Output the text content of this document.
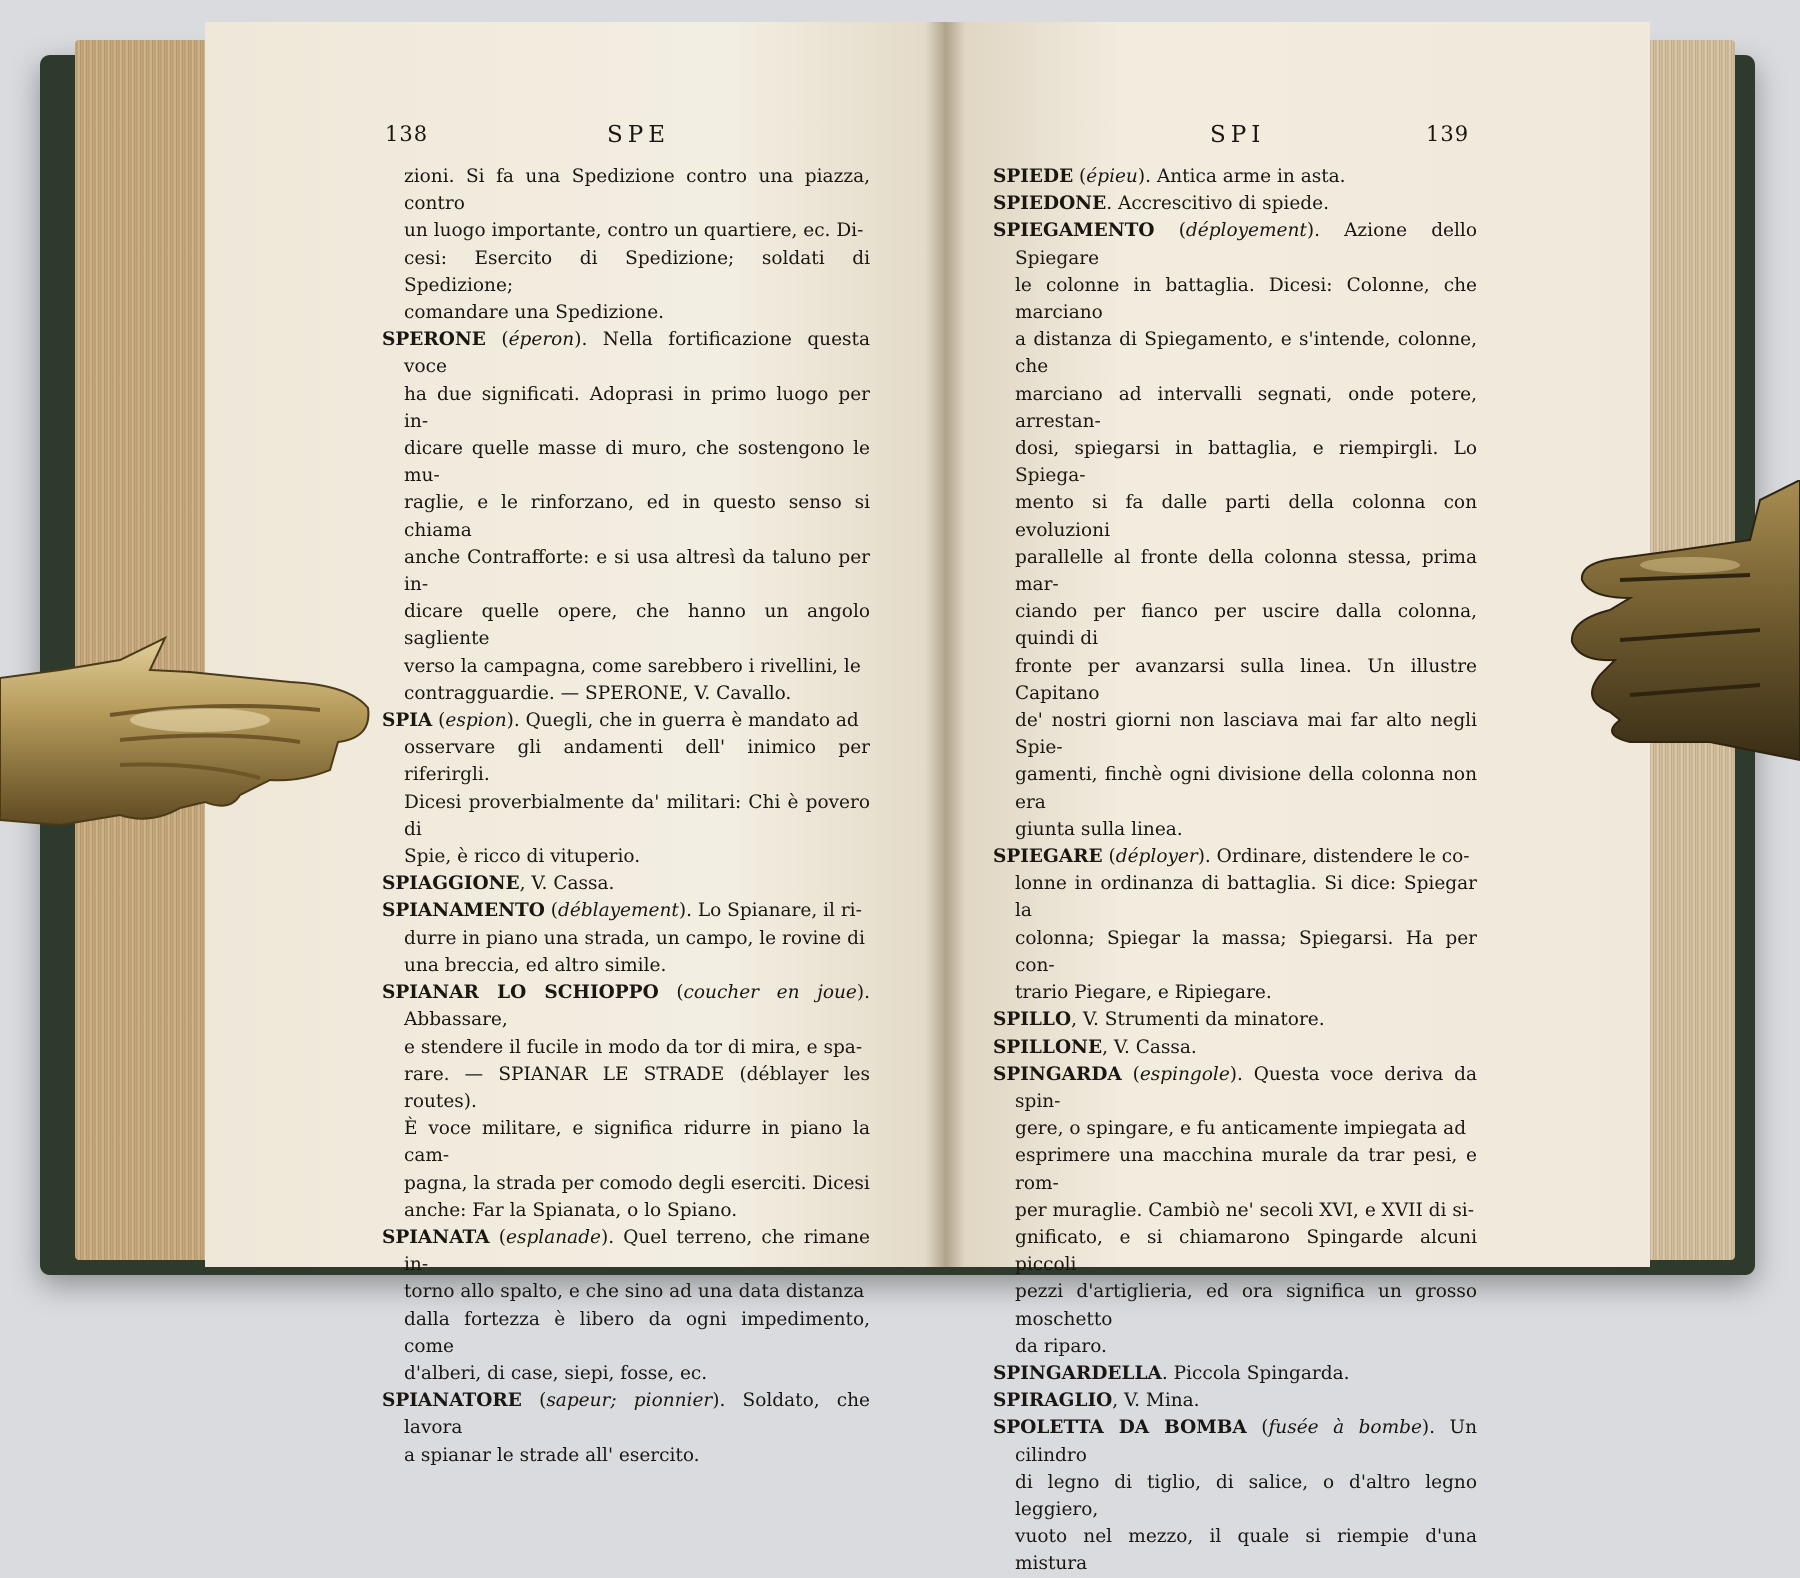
138	SPE	SPI	139

zioni. Si fa una Spedizione contro una piazza, contro

un luogo importante, contro un quartiere, ec. Di-

cesi: Esercito di Spedizione; soldati di Spedizione;

comandare una Spedizione.

SPERONE (éperon). Nella fortificazione questa voce

ha due significati. Adoprasi in primo luogo per in-

dicare quelle masse di muro, che sostengono le mu-

raglie, e le rinforzano, ed in questo senso si chiama

anche Contrafforte: e si usa altresì da taluno per in-

dicare quelle opere, che hanno un angolo sagliente

verso la campagna, come sarebbero i rivellini, le

contragguardie. — SPERONE, V. Cavallo.

SPIA (espion). Quegli, che in guerra è mandato ad

osservare gli andamenti dell' inimico per riferirgli.

Dicesi proverbialmente da' militari: Chi è povero di

Spie, è ricco di vituperio.

SPIAGGIONE, V. Cassa.

SPIANAMENTO (déblayement). Lo Spianare, il ri-

durre in piano una strada, un campo, le rovine di

una breccia, ed altro simile.

SPIANAR LO SCHIOPPO (coucher en joue). Abbassare,

e stendere il fucile in modo da tor di mira, e spa-

rare. — SPIANAR LE STRADE (déblayer les routes).

È voce militare, e significa ridurre in piano la cam-

pagna, la strada per comodo degli eserciti. Dicesi

anche: Far la Spianata, o lo Spiano.

SPIANATA (esplanade). Quel terreno, che rimane in-

torno allo spalto, e che sino ad una data distanza

dalla fortezza è libero da ogni impedimento, come

d'alberi, di case, siepi, fosse, ec.

SPIANATORE (sapeur; pionnier). Soldato, che lavora

a spianar le strade all' esercito.

SPIEDE (épieu). Antica arme in asta.

SPIEDONE. Accrescitivo di spiede.

SPIEGAMENTO (déployement). Azione dello Spiegare

le colonne in battaglia. Dicesi: Colonne, che marciano

a distanza di Spiegamento, e s'intende, colonne, che

marciano ad intervalli segnati, onde potere, arrestan-

dosi, spiegarsi in battaglia, e riempirgli. Lo Spiega-

mento si fa dalle parti della colonna con evoluzioni

parallelle al fronte della colonna stessa, prima mar-

ciando per fianco per uscire dalla colonna, quindi di

fronte per avanzarsi sulla linea. Un illustre Capitano

de' nostri giorni non lasciava mai far alto negli Spie-

gamenti, finchè ogni divisione della colonna non era

giunta sulla linea.

SPIEGARE (déployer). Ordinare, distendere le co-

lonne in ordinanza di battaglia. Si dice: Spiegar la

colonna; Spiegar la massa; Spiegarsi. Ha per con-

trario Piegare, e Ripiegare.

SPILLO, V. Strumenti da minatore.

SPILLONE, V. Cassa.

SPINGARDA (espingole). Questa voce deriva da spin-

gere, o spingare, e fu anticamente impiegata ad

esprimere una macchina murale da trar pesi, e rom-

per muraglie. Cambiò ne' secoli XVI, e XVII di si-

gnificato, e si chiamarono Spingarde alcuni piccoli

pezzi d'artiglieria, ed ora significa un grosso moschetto

da riparo.

SPINGARDELLA. Piccola Spingarda.

SPIRAGLIO, V. Mina.

SPOLETTA DA BOMBA (fusée à bombe). Un cilindro

di legno di tiglio, di salice, o d'altro legno leggiero,

vuoto nel mezzo, il quale si riempie d'una mistura
